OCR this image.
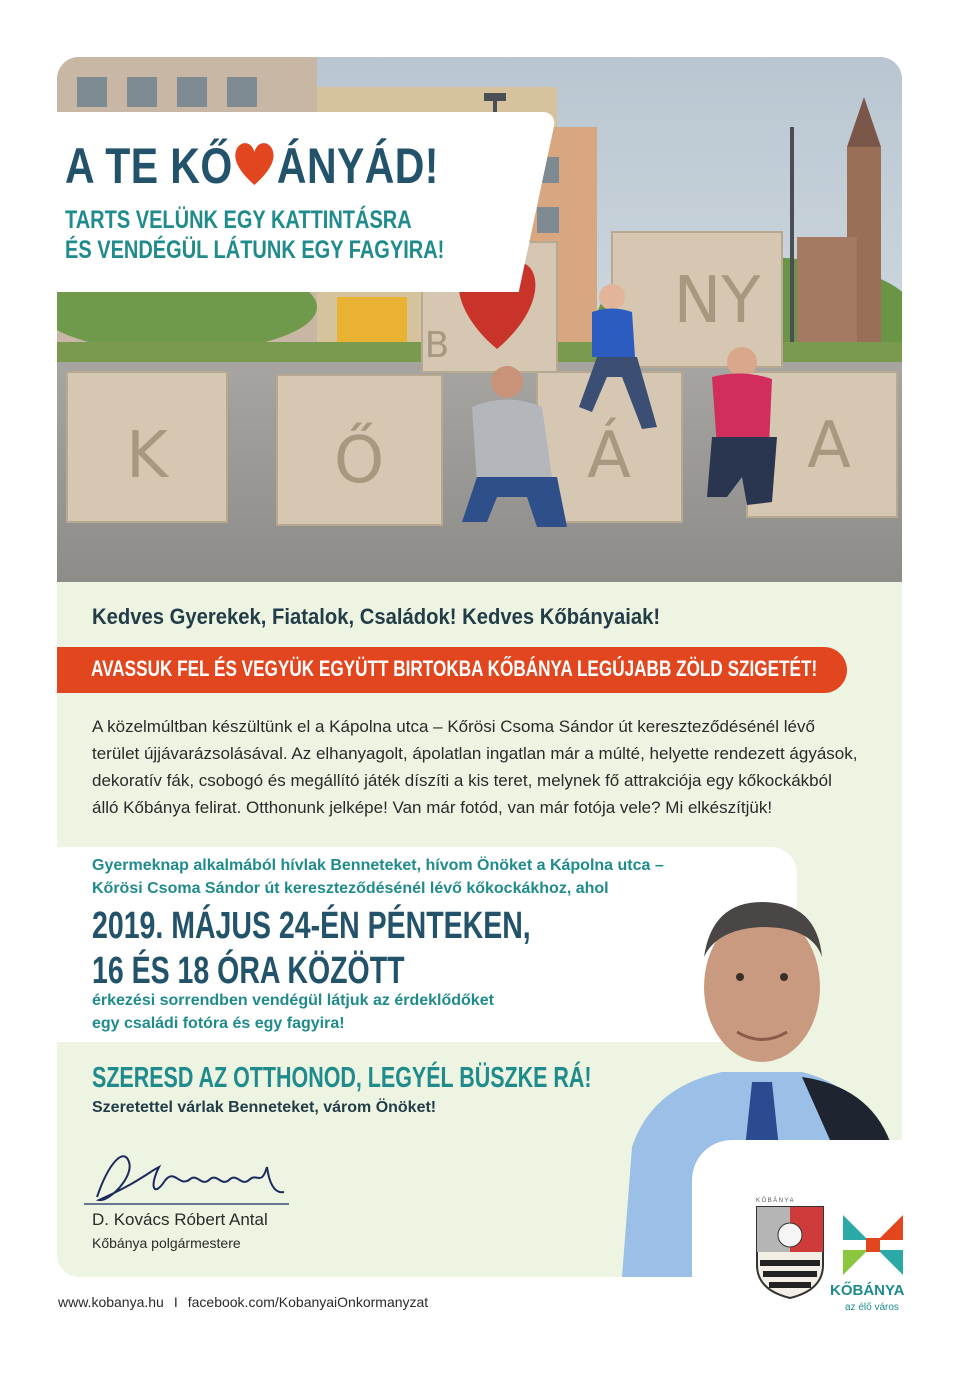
K	Ő
B
Á
NY
A
Kedves Gyerekek, Fiatalok, Családok! Kedves Kőbányaiak!
AVASSUK FEL ÉS VEGYÜK EGYÜTT BIRTOKBA KŐBÁNYA LEGÚJABB ZÖLD SZIGETÉT!
A közelmúltban készültünk el a Kápolna utca – Kőrösi Csoma Sándor út kereszteződésénél lévő terület újjávarázsolásával. Az elhanyagolt, ápolatlan ingatlan már a múlté, helyette rendezett ágyások, dekoratív fák, csobogó és megállító játék díszíti a kis teret, melynek fő attrakciója egy kőkockákból álló Kőbánya felirat. Otthonunk jelképe! Van már fotód, van már fotója vele? Mi elkészítjük!
Gyermeknap alkalmából hívlak Benneteket, hívom Önöket a Kápolna utca –
Kőrösi Csoma Sándor út kereszteződésénél lévő kőkockákhoz, ahol
2019. MÁJUS 24-ÉN PÉNTEKEN,
16 ÉS 18 ÓRA KÖZÖTT
érkezési sorrendben vendégül látjuk az érdeklődőket
egy családi fotóra és egy fagyira!
SZERESD AZ OTTHONOD, LEGYÉL BÜSZKE RÁ!
Szeretettel várlak Benneteket, várom Önöket!
D. Kovács Róbert Antal
Kőbánya polgármestere
A TE KŐ ÁNYÁD!
TARTS VELÜNK EGY KATTINTÁSRA
ÉS VENDÉGÜL LÁTUNK EGY FAGYIRA!
KŐBÁNYA
KŐBÁNYA
az élő város
www.kobanya.hu I facebook.com/KobanyaiOnkormanyzat
